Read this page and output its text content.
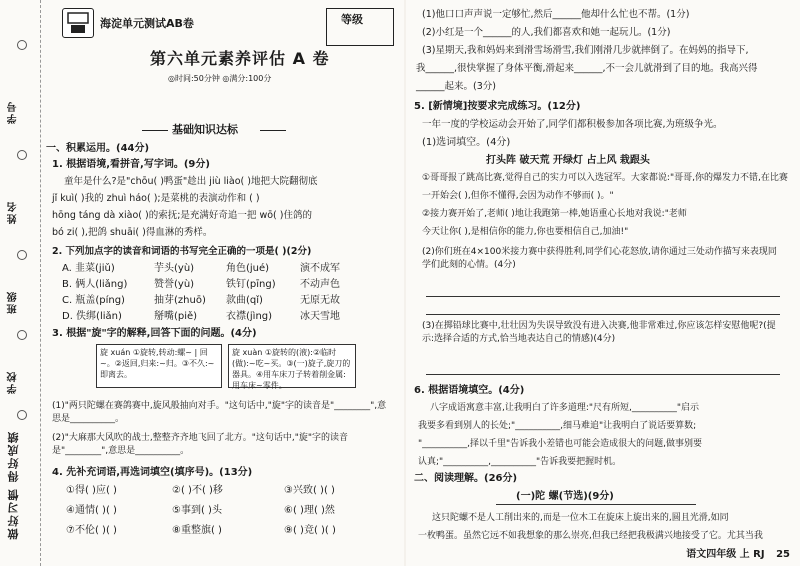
学号
姓名
班级
学校
做好习惯 得好成绩
海淀单元测试AB卷	等级
第六单元素养评估 A 卷
◎时间:50分钟 ◎满分:100分
基础知识达标
一、积累运用。(44分)
1. 根据语境,看拼音,写字词。(9分)
童年是什么?是"chōu( )鸭蛋"趁出 jiù liào( )地把大院翻彻底
jǐ kuì( )我的 zhuì háo( );是菜桃的表演动作和 ( )
hōng táng dà xiào( )的索抚;是充满好奇追一把 wō( )住鸽的
bó zi( ),把鸽 shuāi( )得血淋的秀样。
2. 下列加点字的读音和词语的书写完全正确的一项是( )(2分)
A. 韭菜(jiǔ)	芋头(yù)	角色(jué)	演不成军
B. 俩人(liǎng)	赞誉(yù)	铁钉(pīng) 不动声色
C. 瓶盖(píng)	抽芽(zhuō) 款曲(qǐ)	无原无故
D. 佚绑(liǎn)	掰嘴(piě)	衣襟(jìng)	冰天雪地
3. 根据"旋"字的解释,回答下面的问题。(4分)
旋 xuán ①旋转,转动:螺~ | 回~。②返回,归来:~归。③不久:~即离去。
旋 xuàn ①旋转的(液):②临时(做):~吃~买。③(一)旋子,旋刀的器具。④用车床刀子转着削金属:用车床~零件。
(1)"两只陀螺在赛鸽赛中,旋风般抽向对手。"这句话中,"旋"字的读音是"________",意思是__________。
(2)"大麻那大风吹的战士,整整齐齐地飞回了北方。"这句话中,"旋"字的读音是"________",意思是__________。
4. 先补充词语,再选词填空(填序号)。(13分)
①得( )应( )	②( )不( )移	③兴致( )( )
④通情( )( )	⑤事到( )头	⑥( )理( )然
⑦不伦( )( )	⑧重整旗( )	⑨( )竞( )( )
(1)他口口声声说一定够忙,然后______他却什么忙也不帮。(1分)
(2)小红是一个______的人,我们都喜欢和她一起玩儿。(1分)
(3)星期天,我和妈妈来到滑雪场滑雪,我们刚滑几步就摔倒了。在妈妈的指导下,
我______,很快掌握了身体平衡,滑起来______,不一会儿就滑到了目的地。我高兴得
______起来。(3分)
5. [新情境]按要求完成练习。(12分)
一年一度的学校运动会开始了,同学们都积极参加各项比赛,为班级争光。
(1)选词填空。(4分)
打头阵 破天荒 开绿灯 占上风 栽跟头
①哥哥报了跳高比赛,觉得自己的实力可以入选冠军。大家都说:"哥哥,你的爆发力不错,在比赛
一开始会( ),但你不懂得,会因为动作不够而( )。"
②接力赛开始了,老师( )地让我跑第一棒,她语重心长地对我说:"老师
今天让你( ),是相信你的能力,你也要相信自己,加油!"
(2)你们班在4×100米接力赛中获得胜利,同学们心花怒放,请你通过三处动作描写来表现同学们此刻的心情。(4分)
(3)在掷铅球比赛中,壮壮因为失误导致没有进入决赛,他非常难过,你应该怎样安慰他呢?(提示:选择合适的方式,恰当地表达自己的情感)(4分)
6. 根据语境填空。(4分)
八字成语寓意丰富,让我明白了许多道理:"尺有所短,__________"启示
我要多看到别人的长处;"__________,细马难追"让我明白了说话要算数;
"__________,择以千里"告诉我小差错也可能会造成很大的问题,做事别要
认真;"__________,__________"告诉我要把握时机。
二、阅读理解。(26分)
(一)陀 螺(节选)(9分)
这只陀螺不是人工削出来的,而是一位木工在旋床上旋出来的,圆且光滑,如同
一枚鸭蛋。虽然它远不如我想象的那么崇亮,但我已经把我极满兴地接受了它。尤其当我
语文四年级 上 RJ 25
